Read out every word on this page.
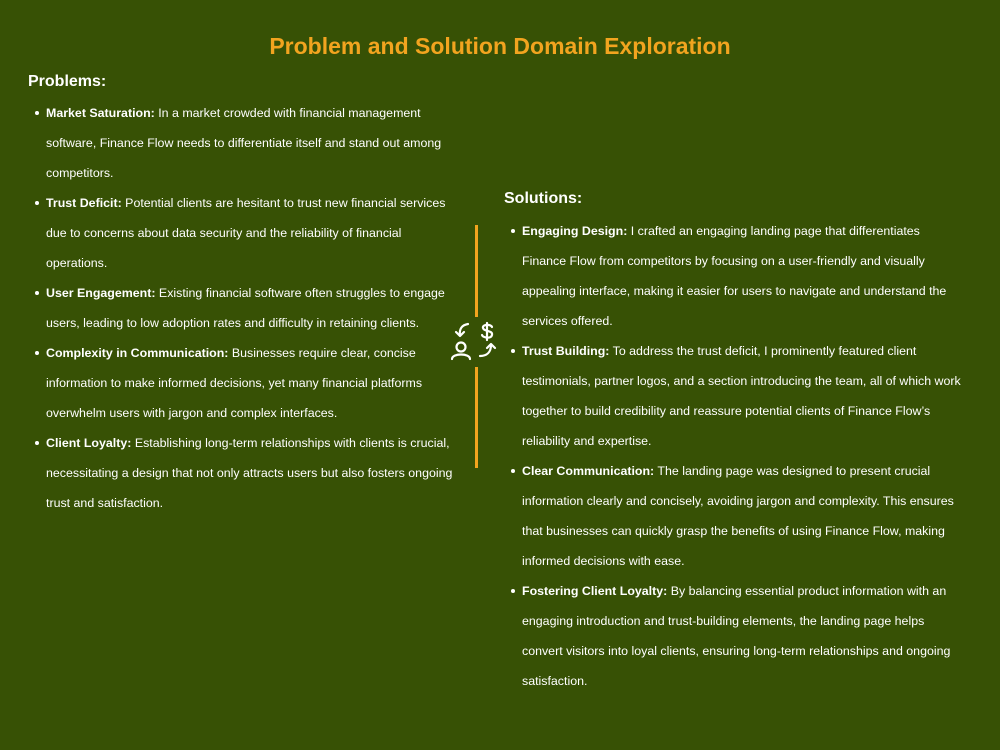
Problem and Solution Domain Exploration
Problems:
Market Saturation: In a market crowded with financial management software, Finance Flow needs to differentiate itself and stand out among competitors.
Trust Deficit: Potential clients are hesitant to trust new financial services due to concerns about data security and the reliability of financial operations.
User Engagement: Existing financial software often struggles to engage users, leading to low adoption rates and difficulty in retaining clients.
Complexity in Communication: Businesses require clear, concise information to make informed decisions, yet many financial platforms overwhelm users with jargon and complex interfaces.
Client Loyalty: Establishing long-term relationships with clients is crucial, necessitating a design that not only attracts users but also fosters ongoing trust and satisfaction.
Solutions:
Engaging Design: I crafted an engaging landing page that differentiates Finance Flow from competitors by focusing on a user-friendly and visually appealing interface, making it easier for users to navigate and understand the services offered.
Trust Building: To address the trust deficit, I prominently featured client testimonials, partner logos, and a section introducing the team, all of which work together to build credibility and reassure potential clients of Finance Flow’s reliability and expertise.
Clear Communication: The landing page was designed to present crucial information clearly and concisely, avoiding jargon and complexity. This ensures that businesses can quickly grasp the benefits of using Finance Flow, making informed decisions with ease.
Fostering Client Loyalty: By balancing essential product information with an engaging introduction and trust-building elements, the landing page helps convert visitors into loyal clients, ensuring long-term relationships and ongoing satisfaction.
